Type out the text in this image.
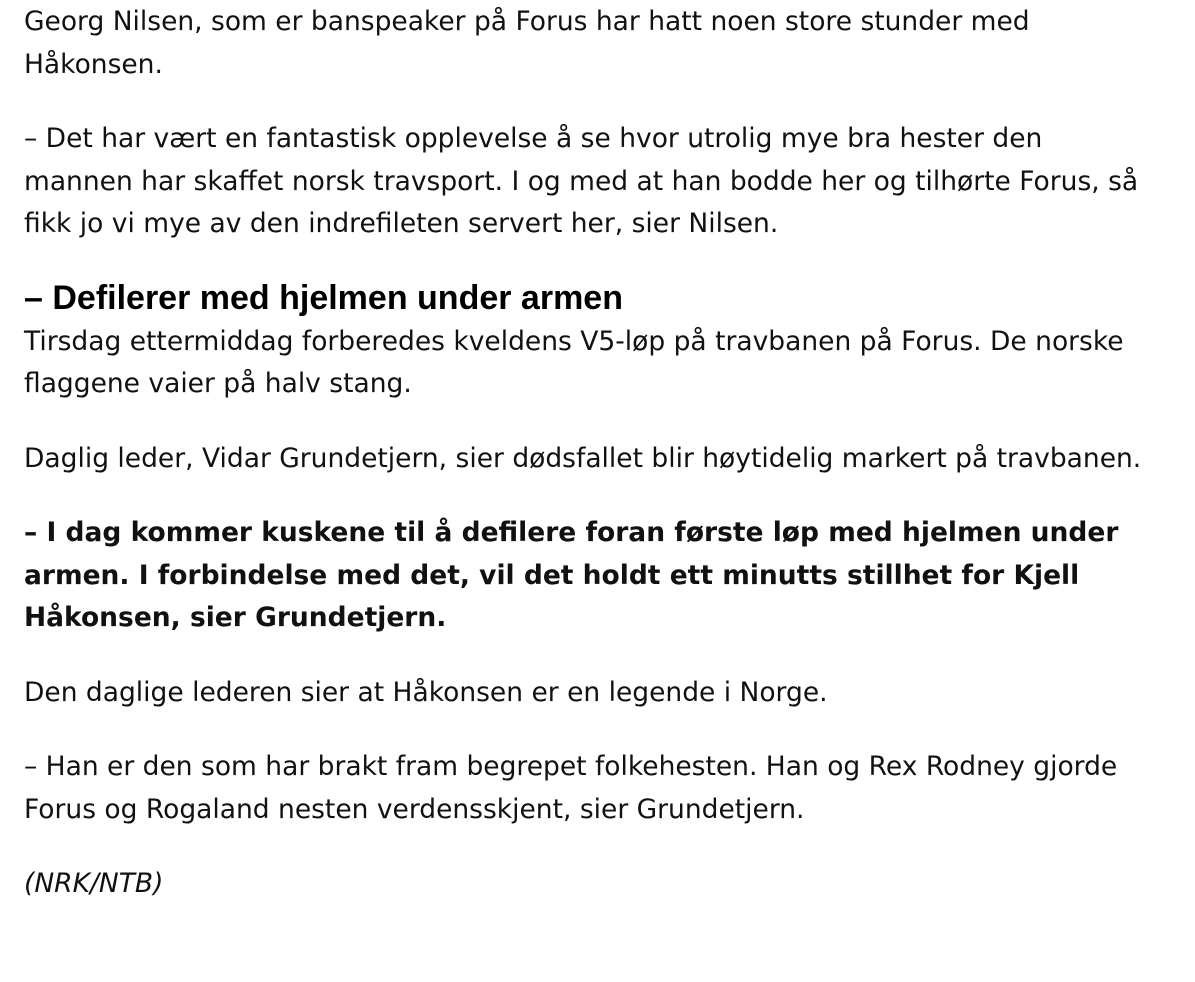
Georg Nilsen, som er banspeaker på Forus har hatt noen store stunder med Håkonsen.

– Det har vært en fantastisk opplevelse å se hvor utrolig mye bra hester den mannen har skaffet norsk travsport. I og med at han bodde her og tilhørte Forus, så fikk jo vi mye av den indrefileten servert her, sier Nilsen.

– Defilerer med hjelmen under armen

Tirsdag ettermiddag forberedes kveldens V5-løp på travbanen på Forus. De norske flaggene vaier på halv stang.

Daglig leder, Vidar Grundetjern, sier dødsfallet blir høytidelig markert på travbanen.

– I dag kommer kuskene til å defilere foran første løp med hjelmen under armen. I forbindelse med det, vil det holdt ett minutts stillhet for Kjell Håkonsen, sier Grundetjern.

Den daglige lederen sier at Håkonsen er en legende i Norge.

– Han er den som har brakt fram begrepet folkehesten. Han og Rex Rodney gjorde Forus og Rogaland nesten verdensskjent, sier Grundetjern.

(NRK/NTB)
